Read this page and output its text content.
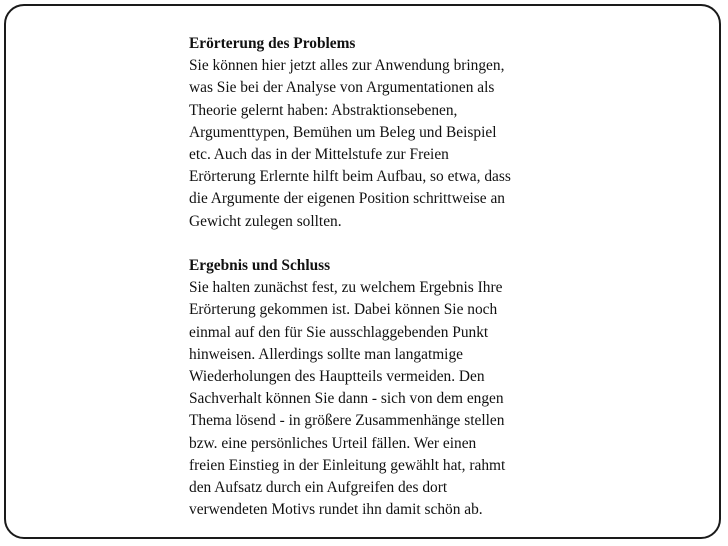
Erörterung des Problems
Sie können hier jetzt alles zur Anwendung bringen,
was Sie bei der Analyse von Argumentationen als
Theorie gelernt haben: Abstraktionsebenen,
Argumenttypen, Bemühen um Beleg und Beispiel
etc. Auch das in der Mittelstufe zur Freien
Erörterung Erlernte hilft beim Aufbau, so etwa, dass
die Argumente der eigenen Position schrittweise an
Gewicht zulegen sollten.
Ergebnis und Schluss
Sie halten zunächst fest, zu welchem Ergebnis Ihre
Erörterung gekommen ist. Dabei können Sie noch
einmal auf den für Sie ausschlaggebenden Punkt
hinweisen. Allerdings sollte man langatmige
Wiederholungen des Hauptteils vermeiden. Den
Sachverhalt können Sie dann - sich von dem engen
Thema lösend - in größere Zusammenhänge stellen
bzw. eine persönliches Urteil fällen. Wer einen
freien Einstieg in der Einleitung gewählt hat, rahmt
den Aufsatz durch ein Aufgreifen des dort
verwendeten Motivs rundet ihn damit schön ab.
